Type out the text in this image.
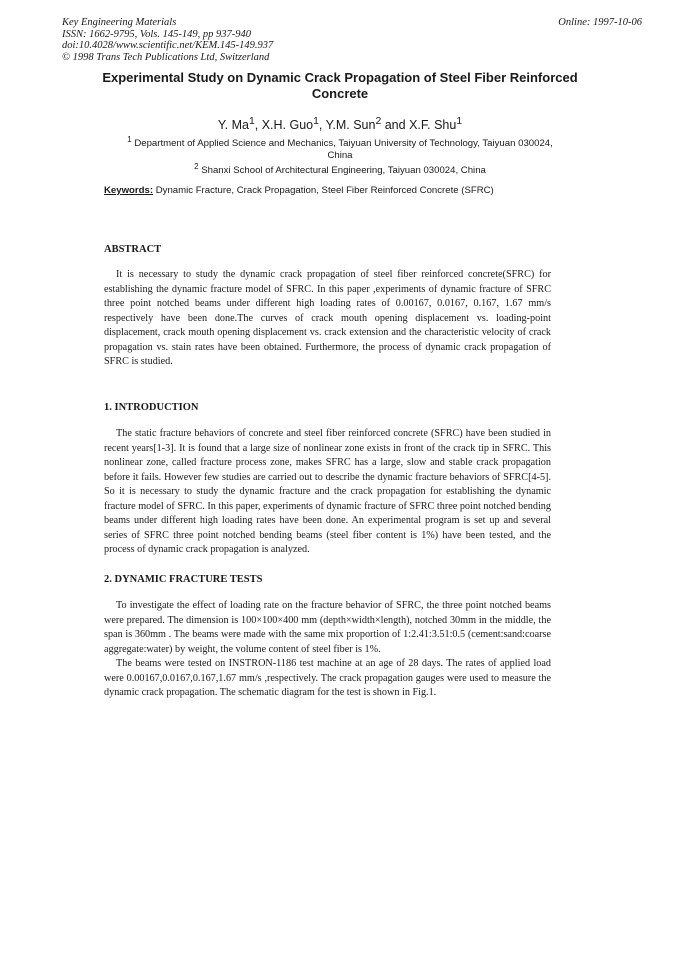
Key Engineering Materials
ISSN: 1662-9795, Vols. 145-149, pp 937-940
doi:10.4028/www.scientific.net/KEM.145-149.937
© 1998 Trans Tech Publications Ltd, Switzerland
Online: 1997-10-06
Experimental Study on Dynamic Crack Propagation of Steel Fiber Reinforced Concrete
Y. Ma$^1$, X.H. Guo$^1$, Y.M. Sun$^2$ and X.F. Shu$^1$
$^1$ Department of Applied Science and Mechanics, Taiyuan University of Technology, Taiyuan 030024, China
$^2$ Shanxi School of Architectural Engineering, Taiyuan 030024, China
Keywords: Dynamic Fracture, Crack Propagation, Steel Fiber Reinforced Concrete (SFRC)
ABSTRACT

It is necessary to study the dynamic crack propagation of steel fiber reinforced concrete(SFRC) for establishing the dynamic fracture model of SFRC. In this paper ,experiments of dynamic fracture of SFRC three point notched beams under different high loading rates of 0.00167, 0.0167, 0.167, 1.67 mm/s respectively have been done.The curves of crack mouth opening displacement vs. loading-point displacement, crack mouth opening displacement vs. crack extension and the characteristic velocity of crack propagation vs. stain rates have been obtained. Furthermore, the process of dynamic crack propagation of SFRC is studied.

1. INTRODUCTION

The static fracture behaviors of concrete and steel fiber reinforced concrete (SFRC) have been studied in recent years[1-3]. It is found that a large size of nonlinear zone exists in front of the crack tip in SFRC. This nonlinear zone, called fracture process zone, makes SFRC has a large, slow and stable crack propagation before it fails. However few studies are carried out to describe the dynamic fracture behaviors of SFRC[4-5]. So it is necessary to study the dynamic fracture and the crack propagation for establishing the dynamic fracture model of SFRC. In this paper, experiments of dynamic fracture of SFRC three point notched bending beams under different high loading rates have been done. An experimental program is set up and several series of SFRC three point notched bending beams (steel fiber content is 1%) have been tested, and the process of dynamic crack propagation is analyzed.

2. DYNAMIC FRACTURE TESTS

To investigate the effect of loading rate on the fracture behavior of SFRC, the three point notched beams were prepared. The dimension is 100×100×400 mm (depth×width×length), notched 30mm in the middle, the span is 360mm . The beams were made with the same mix proportion of 1:2.41:3.51:0.5 (cement:sand:coarse aggregate:water) by weight, the volume content of steel fiber is 1%.

The beams were tested on INSTRON-1186 test machine at an age of 28 days. The rates of applied load were 0.00167,0.0167,0.167,1.67 mm/s ,respectively. The crack propagation gauges were used to measure the dynamic crack propagation. The schematic diagram for the test is shown in Fig.1.
